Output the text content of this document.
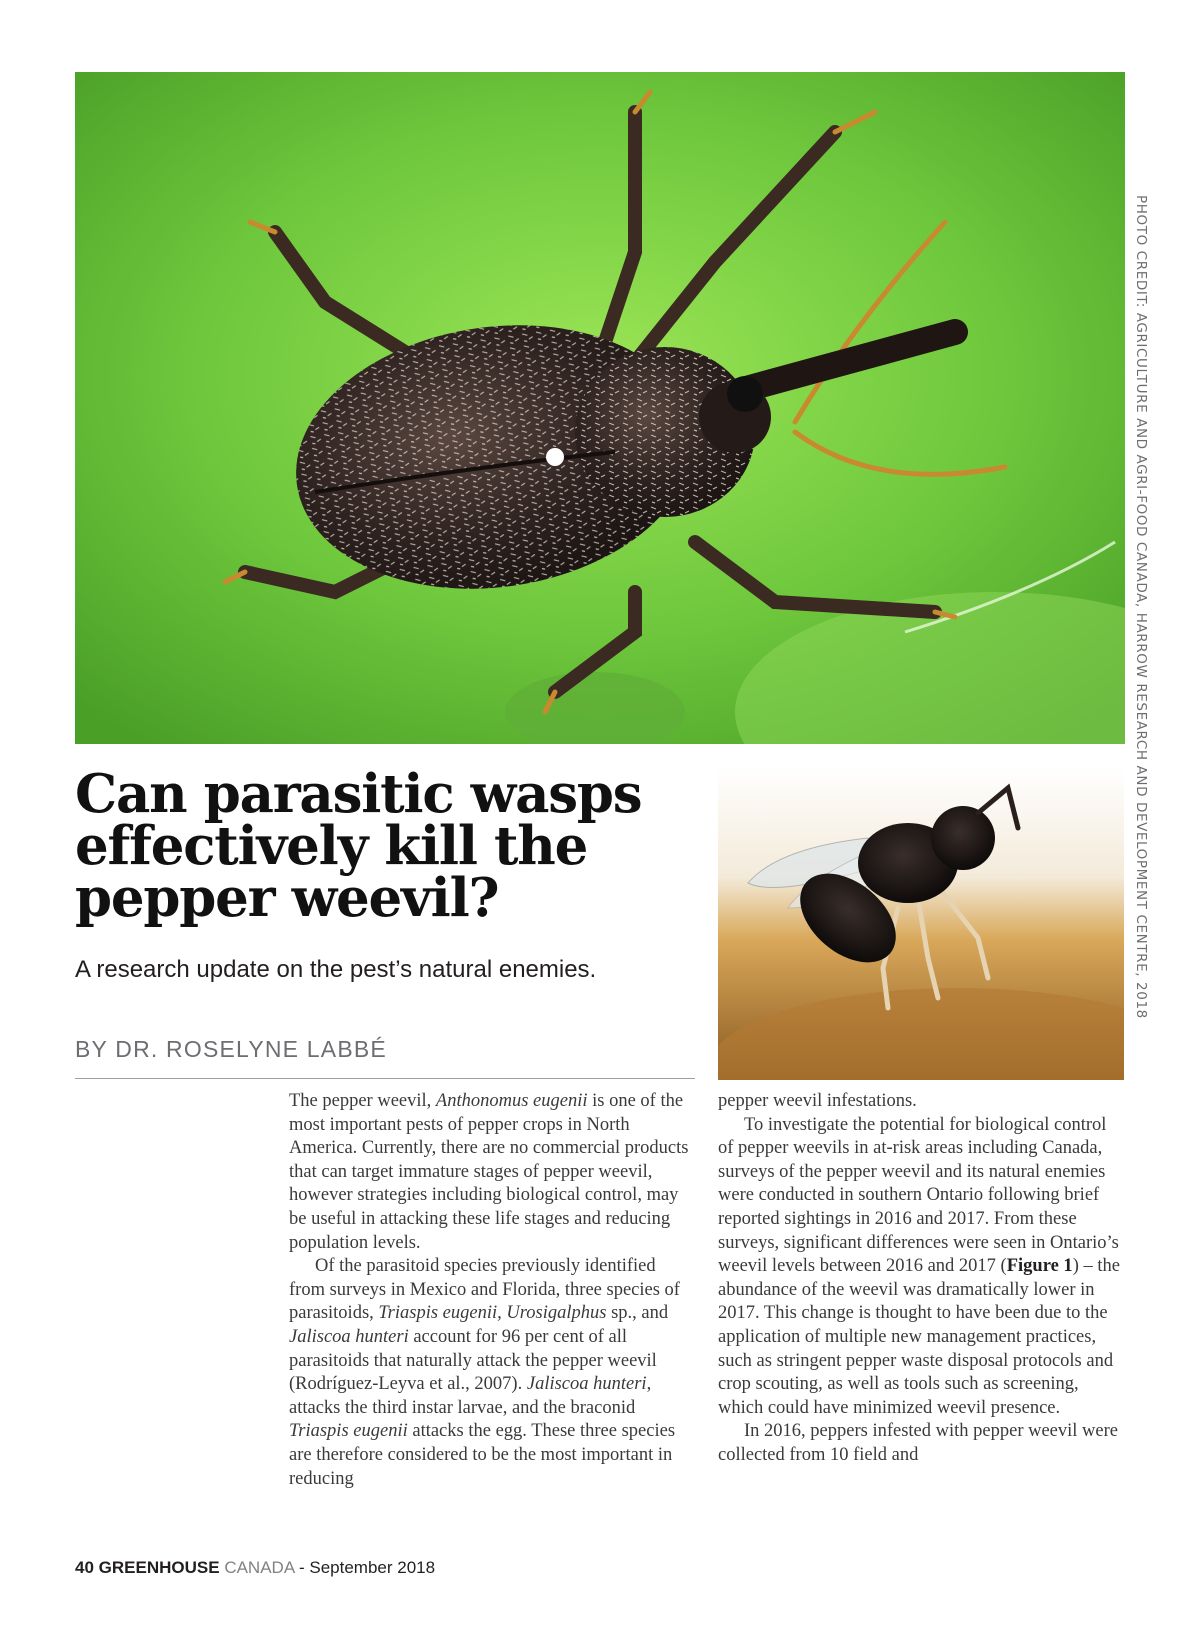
PHOTO CREDIT: AGRICULTURE AND AGRI-FOOD CANADA, HARROW RESEARCH AND DEVELOPMENT CENTRE, 2018
Can parasitic wasps effectively kill the pepper weevil?

A research update on the pest’s natural enemies.

BY DR. ROSELYNE LABBÉ

The pepper weevil, Anthonomus eugenii is one of the most important pests of pepper crops in North America. Currently, there are no commercial products that can target immature stages of pepper weevil, however strategies including biological control, may be useful in attacking these life stages and reducing population levels.

Of the parasitoid species previously identified from surveys in Mexico and Florida, three species of parasitoids, Triaspis eugenii, Urosigalphus sp., and Jaliscoa hunteri account for 96 per cent of all parasitoids that naturally attack the pepper weevil (Rodríguez-Leyva et al., 2007). Jaliscoa hunteri, attacks the third instar larvae, and the braconid Triaspis eugenii attacks the egg. These three species are therefore considered to be the most important in reducing

pepper weevil infestations.

To investigate the potential for biological control of pepper weevils in at-risk areas including Canada, surveys of the pepper weevil and its natural enemies were conducted in southern Ontario following brief reported sightings in 2016 and 2017. From these surveys, significant differences were seen in Ontario’s weevil levels between 2016 and 2017 (Figure 1) – the abundance of the weevil was dramatically lower in 2017. This change is thought to have been due to the application of multiple new management practices, such as stringent pepper waste disposal protocols and crop scouting, as well as tools such as screening, which could have minimized weevil presence.

In 2016, peppers infested with pepper weevil were collected from 10 field and

40 GREENHOUSE CANADA - September 2018
